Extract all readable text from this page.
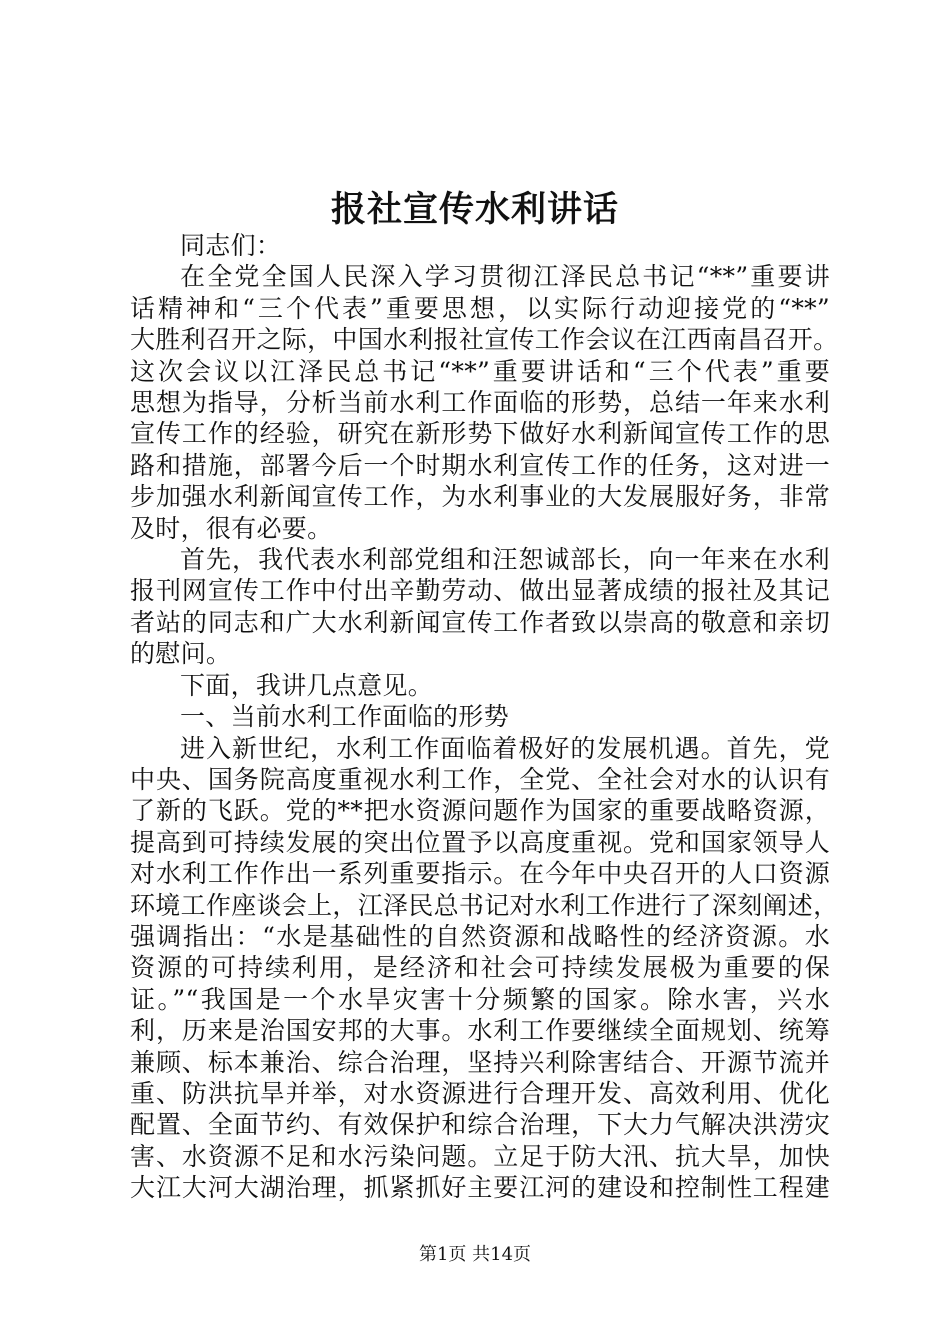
报社宣传水利讲话
同志们：
在全党全国人民深入学习贯彻江泽民总书记“**”重要讲
话精神和“三个代表”重要思想，以实际行动迎接党的“**”
大胜利召开之际，中国水利报社宣传工作会议在江西南昌召开。
这次会议以江泽民总书记“**”重要讲话和“三个代表”重要
思想为指导，分析当前水利工作面临的形势，总结一年来水利
宣传工作的经验，研究在新形势下做好水利新闻宣传工作的思
路和措施，部署今后一个时期水利宣传工作的任务，这对进一
步加强水利新闻宣传工作，为水利事业的大发展服好务，非常
及时，很有必要。
首先，我代表水利部党组和汪恕诚部长，向一年来在水利
报刊网宣传工作中付出辛勤劳动、做出显著成绩的报社及其记
者站的同志和广大水利新闻宣传工作者致以崇高的敬意和亲切
的慰问。
下面，我讲几点意见。
一、当前水利工作面临的形势
进入新世纪，水利工作面临着极好的发展机遇。首先，党
中央、国务院高度重视水利工作，全党、全社会对水的认识有
了新的飞跃。党的**把水资源问题作为国家的重要战略资源，
提高到可持续发展的突出位置予以高度重视。党和国家领导人
对水利工作作出一系列重要指示。在今年中央召开的人口资源
环境工作座谈会上，江泽民总书记对水利工作进行了深刻阐述，
强调指出：“水是基础性的自然资源和战略性的经济资源。水
资源的可持续利用，是经济和社会可持续发展极为重要的保
证。”“我国是一个水旱灾害十分频繁的国家。除水害，兴水
利，历来是治国安邦的大事。水利工作要继续全面规划、统筹
兼顾、标本兼治、综合治理，坚持兴利除害结合、开源节流并
重、防洪抗旱并举，对水资源进行合理开发、高效利用、优化
配置、全面节约、有效保护和综合治理，下大力气解决洪涝灾
害、水资源不足和水污染问题。立足于防大汛、抗大旱，加快
大江大河大湖治理，抓紧抓好主要江河的建设和控制性工程建
第1页 共14页
